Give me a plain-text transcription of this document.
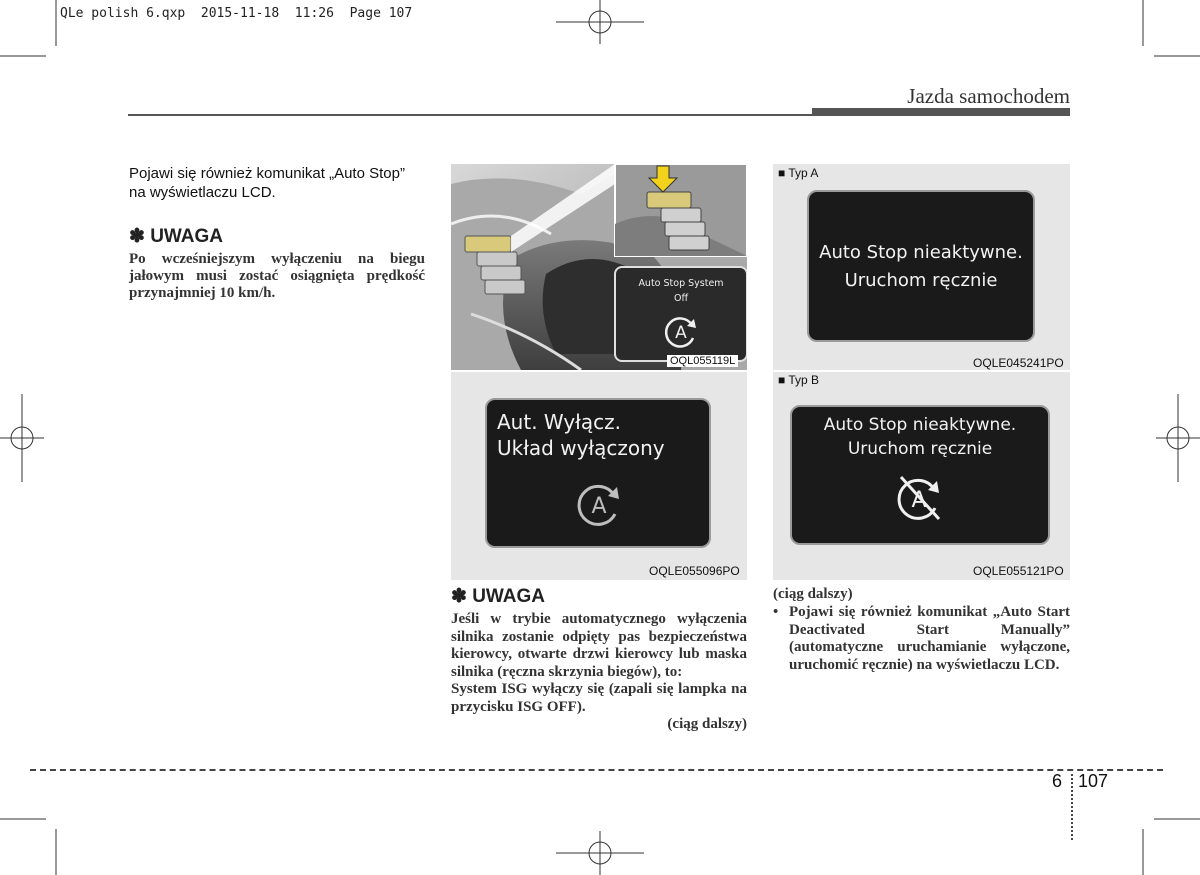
QLe polish 6.qxp  2015-11-18  11:26  Page 107
Jazda samochodem
Pojawi się również komunikat „Auto Stop” na wyświetlaczu LCD.
✽ UWAGA
Po wcześniejszym wyłączeniu na biegu jałowym musi zostać osiągnięta prędkość przynajmniej 10 km/h.
Auto Stop System
Off
A
OQL055119L
Aut. Wyłącz.
Układ wyłączony
A
OQLE055096PO
■ Typ A
Auto Stop nieaktywne.
Uruchom ręcznie
OQLE045241PO
■ Typ B
Auto Stop nieaktywne.
Uruchom ręcznie
A
OQLE055121PO
✽ UWAGA

Jeśli w trybie automatycznego wyłączenia silnika zostanie odpięty pas bezpieczeństwa kierowcy, otwarte drzwi kierowcy lub maska silnika (ręczna skrzynia biegów), to:

System ISG wyłączy się (zapali się lampka na przycisku ISG OFF).

(ciąg dalszy)

(ciąg dalszy)
• Pojawi się również komunikat „Auto Start Deactivated Start Manually” (automatyczne uruchamianie wyłączone, uruchomić ręcznie) na wyświetlaczu LCD.
6 107
